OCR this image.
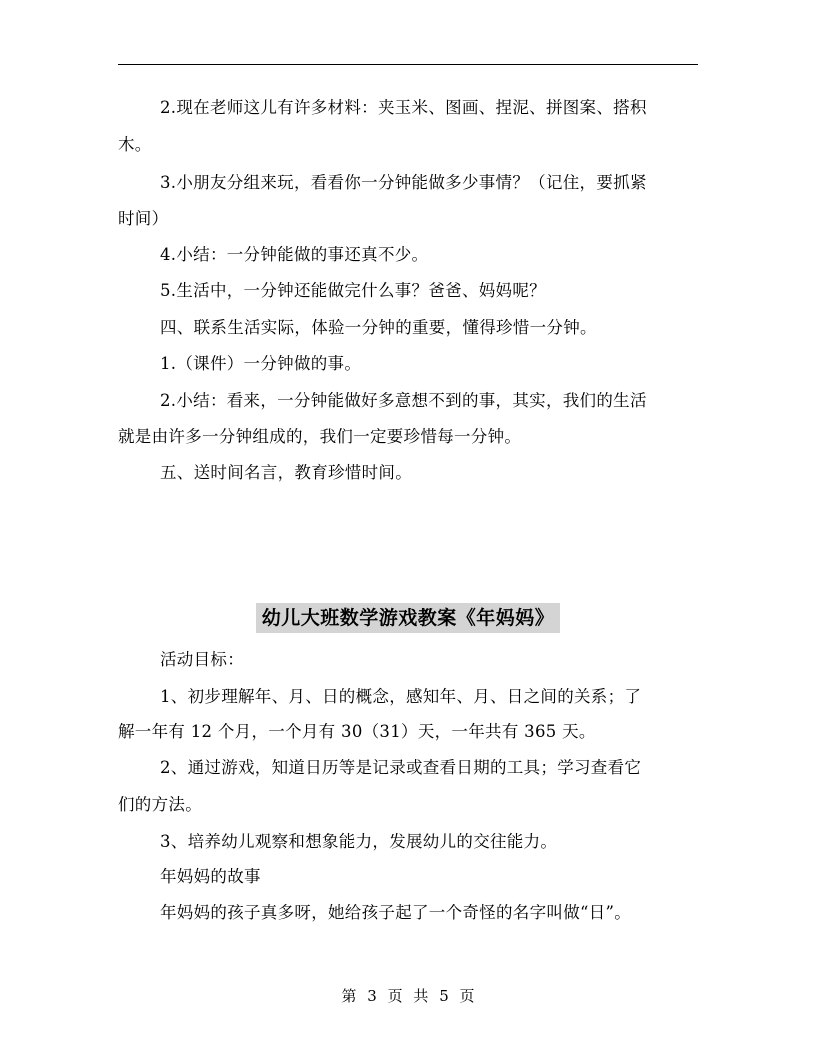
2.现在老师这儿有许多材料：夹玉米、图画、捏泥、拼图案、搭积
木。
3.小朋友分组来玩，看看你一分钟能做多少事情？（记住，要抓紧
时间）
4.小结：一分钟能做的事还真不少。
5.生活中，一分钟还能做完什么事？爸爸、妈妈呢？
四、联系生活实际，体验一分钟的重要，懂得珍惜一分钟。
1.（课件）一分钟做的事。
2.小结：看来，一分钟能做好多意想不到的事，其实，我们的生活
就是由许多一分钟组成的，我们一定要珍惜每一分钟。
五、送时间名言，教育珍惜时间。
幼儿大班数学游戏教案《年妈妈》
活动目标：
1、初步理解年、月、日的概念，感知年、月、日之间的关系；了
解一年有 12 个月，一个月有 30（31）天，一年共有 365 天。
2、通过游戏，知道日历等是记录或查看日期的工具；学习查看它
们的方法。
3、培养幼儿观察和想象能力，发展幼儿的交往能力。
年妈妈的故事
年妈妈的孩子真多呀，她给孩子起了一个奇怪的名字叫做“日”。
第 3 页 共 5 页
